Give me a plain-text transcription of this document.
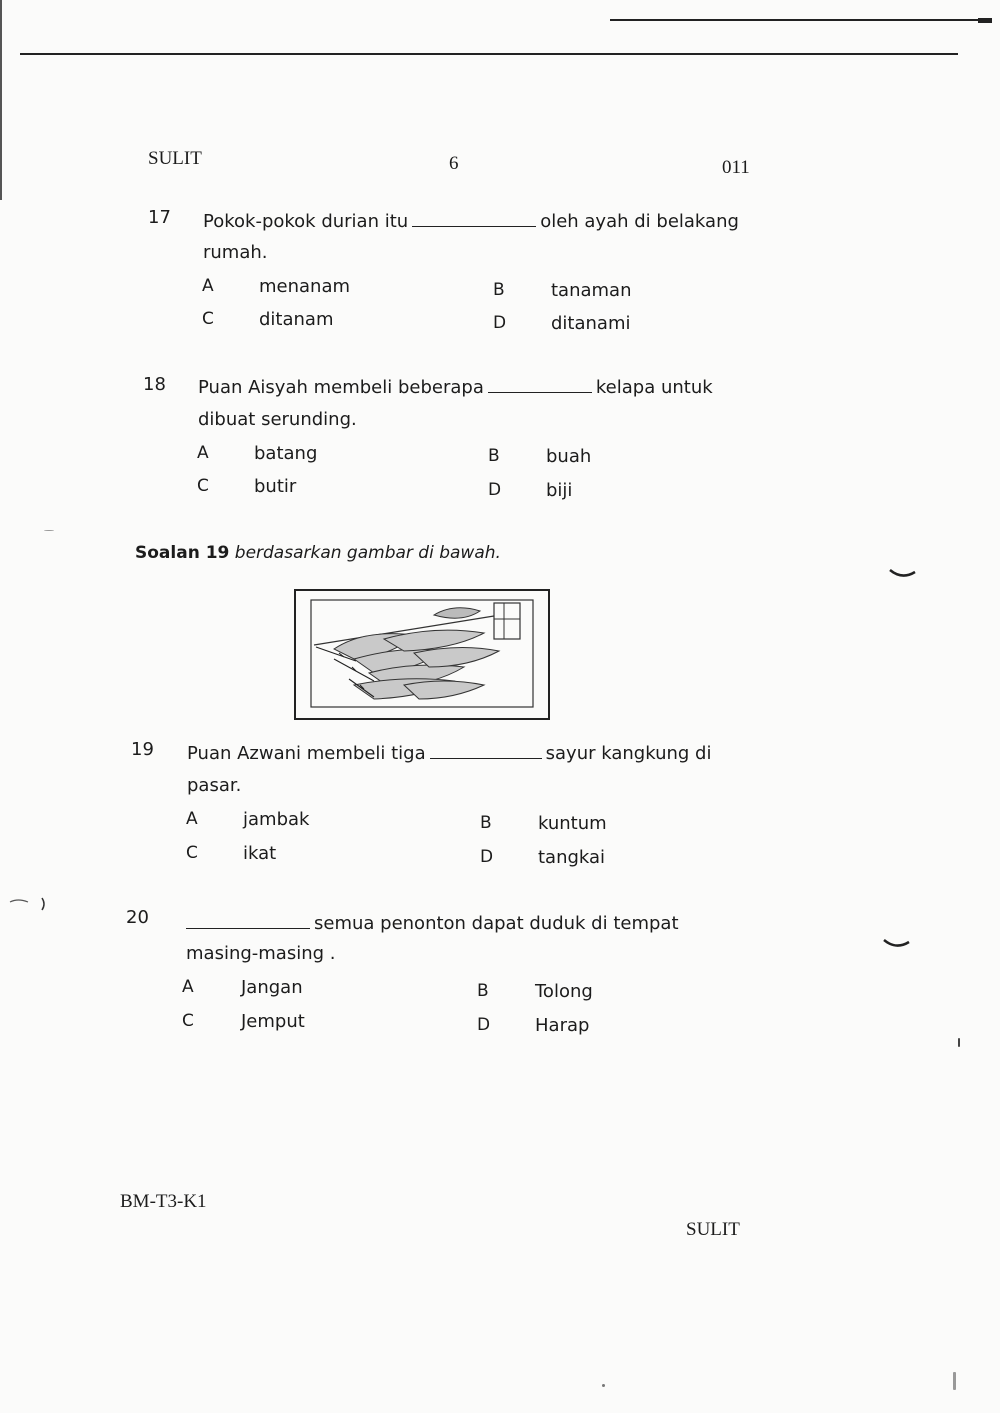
SULIT	6	011
17 Pokok-pokok durian itu	oleh ayah di belakang
rumah.
A	menanam	B	tanaman
C	ditanam	D ditanami
18 Puan Aisyah membeli beberapa	kelapa untuk
dibuat serunding.
A	batang	B	buah
C	butir	D biji
Soalan 19 berdasarkan gambar di bawah.
19 Puan Azwani membeli tiga	sayur kangkung di
pasar.
A	jambak	B	kuntum
C	ikat	D tangkai
20	semua penonton dapat duduk di tempat
masing-masing .
A	Jangan	B	Tolong
C	Jemput	D Harap
BM-T3-K1
SULIT
